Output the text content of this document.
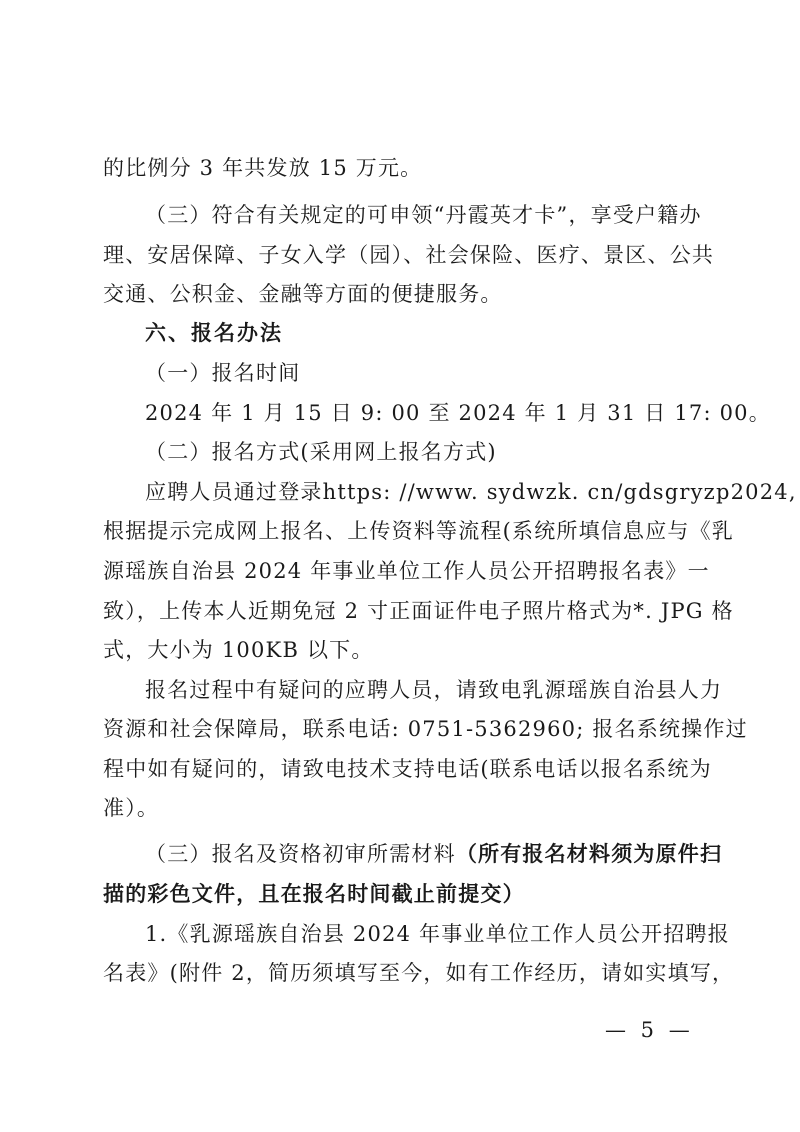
的比例分 3 年共发放 15 万元。

（三）符合有关规定的可申领“丹霞英才卡”，享受户籍办

理、安居保障、子女入学（园）、社会保险、医疗、景区、公共

交通、公积金、金融等方面的便捷服务。

六、报名办法

（一）报名时间

2024 年 1 月 15 日 9: 00 至 2024 年 1 月 31 日 17: 00。

（二）报名方式(采用网上报名方式)

应聘人员通过登录https: //www. sydwzk. cn/gdsgryzp2024,

根据提示完成网上报名、上传资料等流程(系统所填信息应与《乳

源瑶族自治县 2024 年事业单位工作人员公开招聘报名表》一

致），上传本人近期免冠 2 寸正面证件电子照片格式为*. JPG 格

式，大小为 100KB 以下。

报名过程中有疑问的应聘人员，请致电乳源瑶族自治县人力

资源和社会保障局，联系电话: 0751-5362960; 报名系统操作过

程中如有疑问的，请致电技术支持电话(联系电话以报名系统为

准）。

（三）报名及资格初审所需材料（所有报名材料须为原件扫

描的彩色文件，且在报名时间截止前提交）

1.《乳源瑶族自治县 2024 年事业单位工作人员公开招聘报

名表》(附件 2，简历须填写至今，如有工作经历，请如实填写，

— 5 —
